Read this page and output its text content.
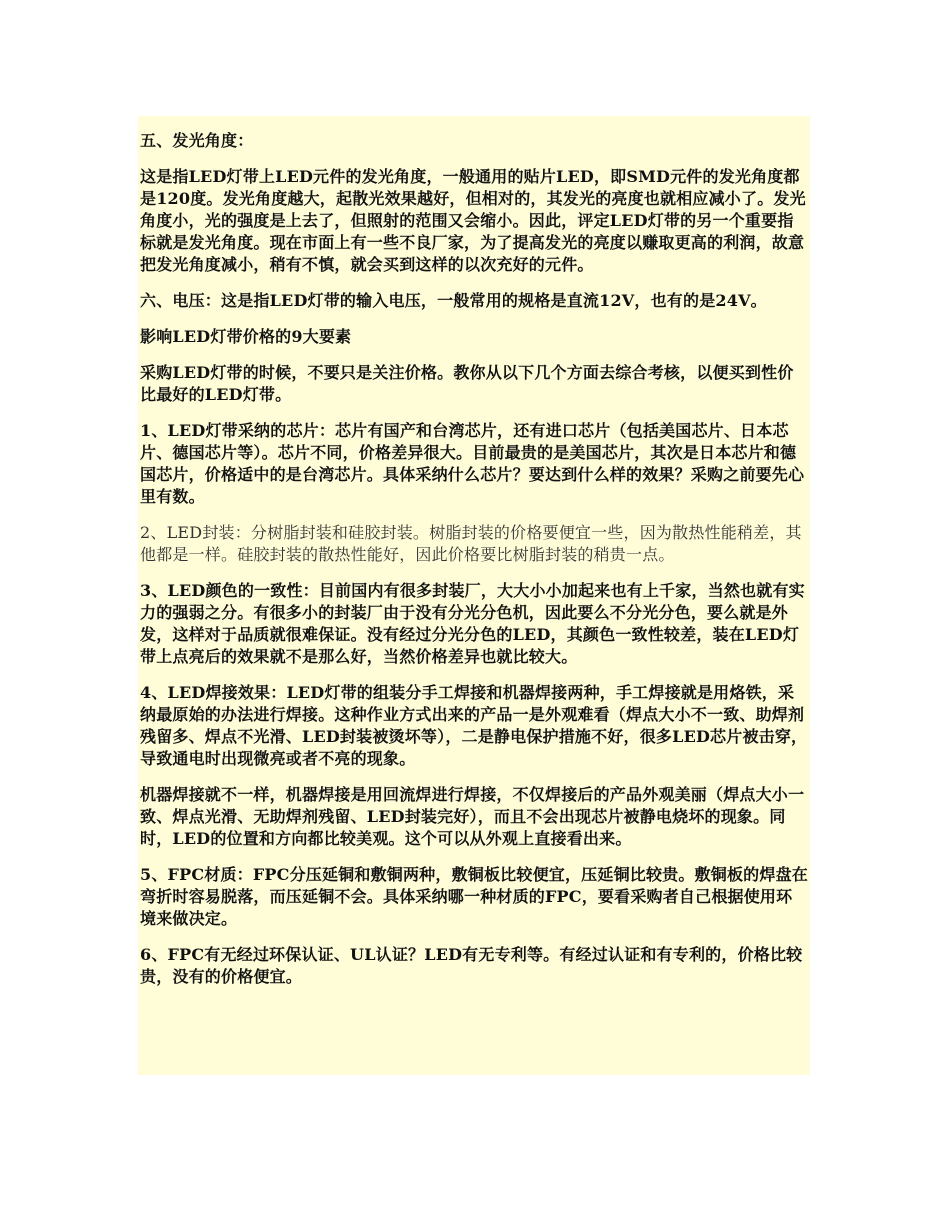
五、发光角度：

这是指LED灯带上LED元件的发光角度，一般通用的贴片LED，即SMD元件的发光角度都是120度。发光角度越大，起散光效果越好，但相对的，其发光的亮度也就相应减小了。发光角度小，光的强度是上去了，但照射的范围又会缩小。因此，评定LED灯带的另一个重要指标就是发光角度。现在市面上有一些不良厂家，为了提高发光的亮度以赚取更高的利润，故意把发光角度减小，稍有不慎，就会买到这样的以次充好的元件。

六、电压：这是指LED灯带的输入电压，一般常用的规格是直流12V，也有的是24V。

影响LED灯带价格的9大要素

采购LED灯带的时候，不要只是关注价格。教你从以下几个方面去综合考核，以便买到性价比最好的LED灯带。

1、LED灯带采纳的芯片：芯片有国产和台湾芯片，还有进口芯片（包括美国芯片、日本芯片、德国芯片等）。芯片不同，价格差异很大。目前最贵的是美国芯片，其次是日本芯片和德国芯片，价格适中的是台湾芯片。具体采纳什么芯片？要达到什么样的效果？采购之前要先心里有数。

2、LED封装：分树脂封装和硅胶封装。树脂封装的价格要便宜一些，因为散热性能稍差，其他都是一样。硅胶封装的散热性能好，因此价格要比树脂封装的稍贵一点。

3、LED颜色的一致性：目前国内有很多封装厂，大大小小加起来也有上千家，当然也就有实力的强弱之分。有很多小的封装厂由于没有分光分色机，因此要么不分光分色，要么就是外发，这样对于品质就很难保证。没有经过分光分色的LED，其颜色一致性较差，装在LED灯带上点亮后的效果就不是那么好，当然价格差异也就比较大。

4、LED焊接效果：LED灯带的组装分手工焊接和机器焊接两种，手工焊接就是用烙铁，采纳最原始的办法进行焊接。这种作业方式出来的产品一是外观难看（焊点大小不一致、助焊剂残留多、焊点不光滑、LED封装被烫坏等），二是静电保护措施不好，很多LED芯片被击穿，导致通电时出现微亮或者不亮的现象。

机器焊接就不一样，机器焊接是用回流焊进行焊接，不仅焊接后的产品外观美丽（焊点大小一致、焊点光滑、无助焊剂残留、LED封装完好），而且不会出现芯片被静电烧坏的现象。同时，LED的位置和方向都比较美观。这个可以从外观上直接看出来。

5、FPC材质：FPC分压延铜和敷铜两种，敷铜板比较便宜，压延铜比较贵。敷铜板的焊盘在弯折时容易脱落，而压延铜不会。具体采纳哪一种材质的FPC，要看采购者自己根据使用环境来做决定。

6、FPC有无经过环保认证、UL认证？LED有无专利等。有经过认证和有专利的，价格比较贵，没有的价格便宜。
